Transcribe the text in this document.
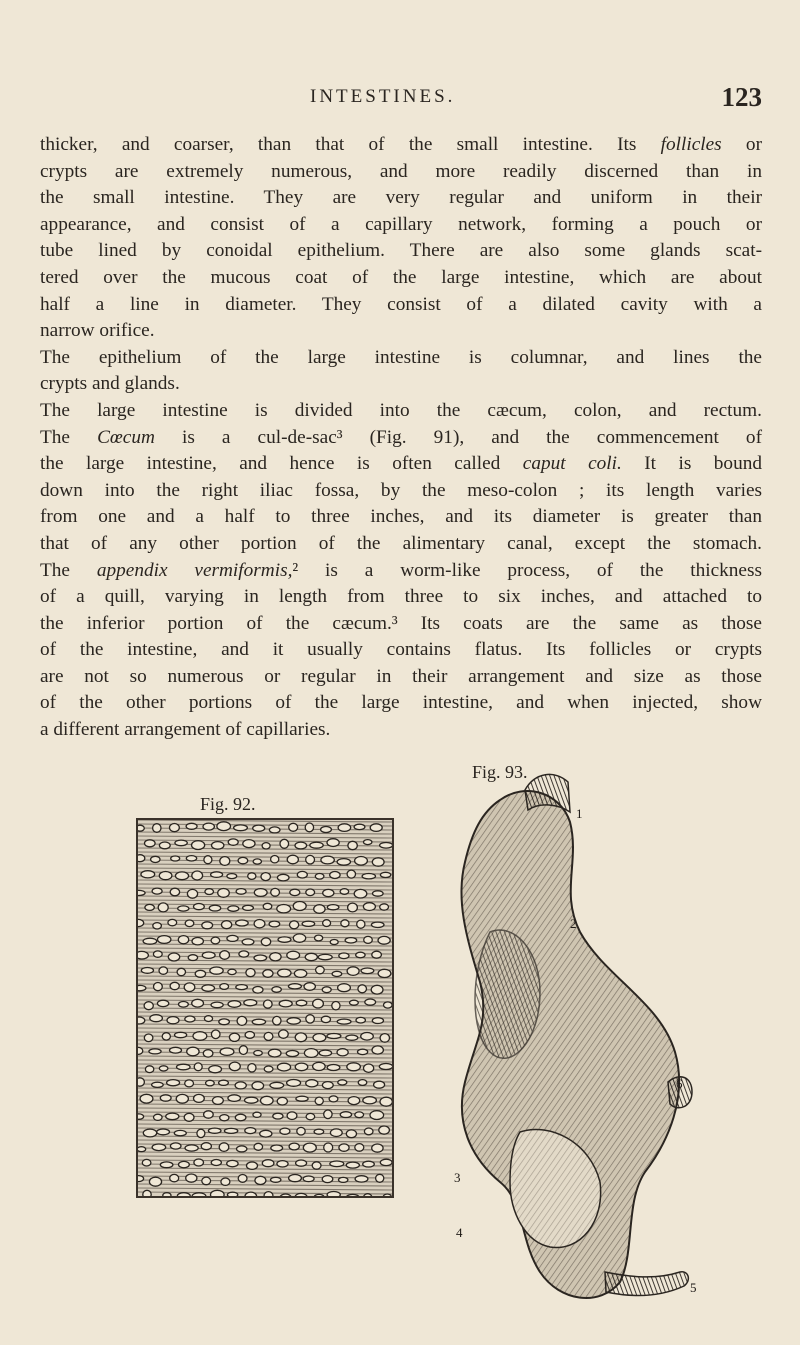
INTESTINES.	123

thicker, and coarser, than that of the small intestine. Its follicles or
crypts are extremely numerous, and more readily discerned than in
the small intestine. They are very regular and uniform in their
appearance, and consist of a capillary network, forming a pouch or
tube lined by conoidal epithelium. There are also some glands scat-
tered over the mucous coat of the large intestine, which are about
half a line in diameter. They consist of a dilated cavity with a
narrow orifice.

The epithelium of the large intestine is columnar, and lines the
crypts and glands.

The large intestine is divided into the cæcum, colon, and rectum.
The Cœcum is a cul-de-sac³ (Fig. 91), and the commencement of
the large intestine, and hence is often called caput coli. It is bound
down into the right iliac fossa, by the meso-colon ; its length varies
from one and a half to three inches, and its diameter is greater than
that of any other portion of the alimentary canal, except the stomach.
The appendix vermiformis,² is a worm-like process, of the thickness
of a quill, varying in length from three to six inches, and attached to
the inferior portion of the cæcum.³ Its coats are the same as those
of the intestine, and it usually contains flatus. Its follicles or crypts
are not so numerous or regular in their arrangement and size as those
of the other portions of the large intestine, and when injected, show
a different arrangement of capillaries.

Fig. 93.
Fig. 92.	1
2
3
4
5
6
